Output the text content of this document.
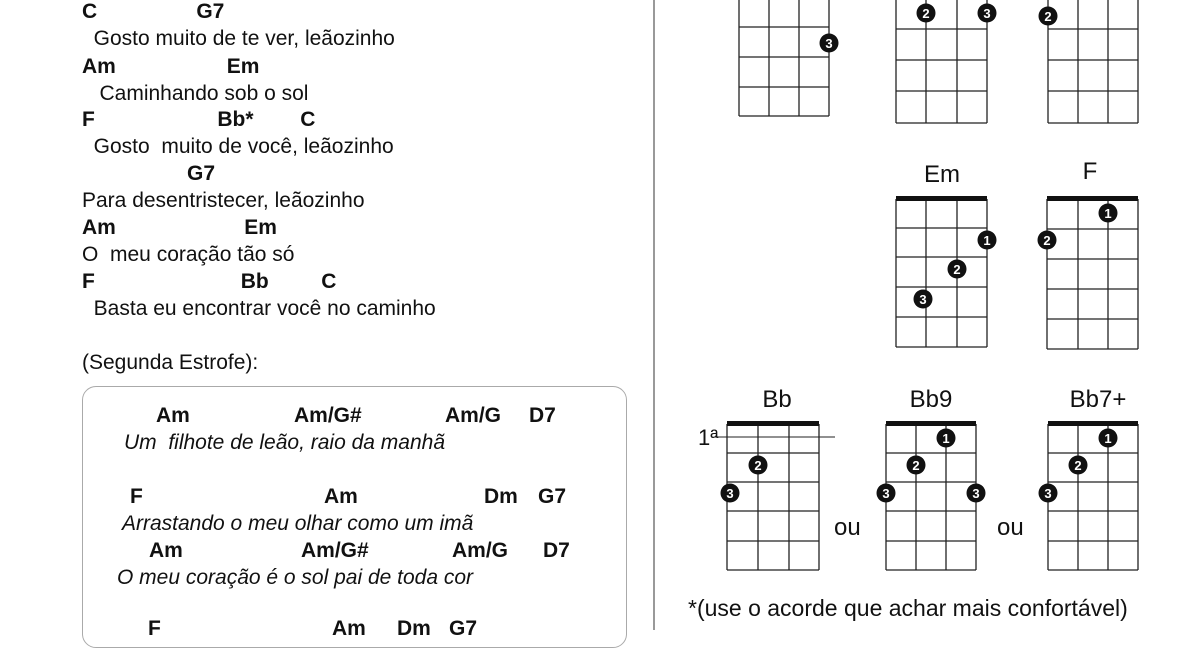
C                 G7
Gosto muito de te ver, leãozinho
Am                   Em
Caminhando sob o sol
F                     Bb*        C
Gosto  muito de você, leãozinho
G7
Para desentristecer, leãozinho
Am                      Em
O  meu coração tão só
F                         Bb         C
Basta eu encontrar você no caminho
(Segunda Estrofe):
Am	Am/G#	Am/G D7
Um  filhote de leão, raio da manhã
F	Am	Dm G7
Arrastando o meu olhar como um imã
Am	Am/G#	Am/G D7
O meu coração é o sol pai de toda cor
F	Am Dm G7
3
2	3	2
1
2
3
1
2
2
3
1
2
3	3
1
2
3
Em	F
Bb	Bb9	Bb7+
1ª
ou	ou
*(use o acorde que achar mais confortável)
